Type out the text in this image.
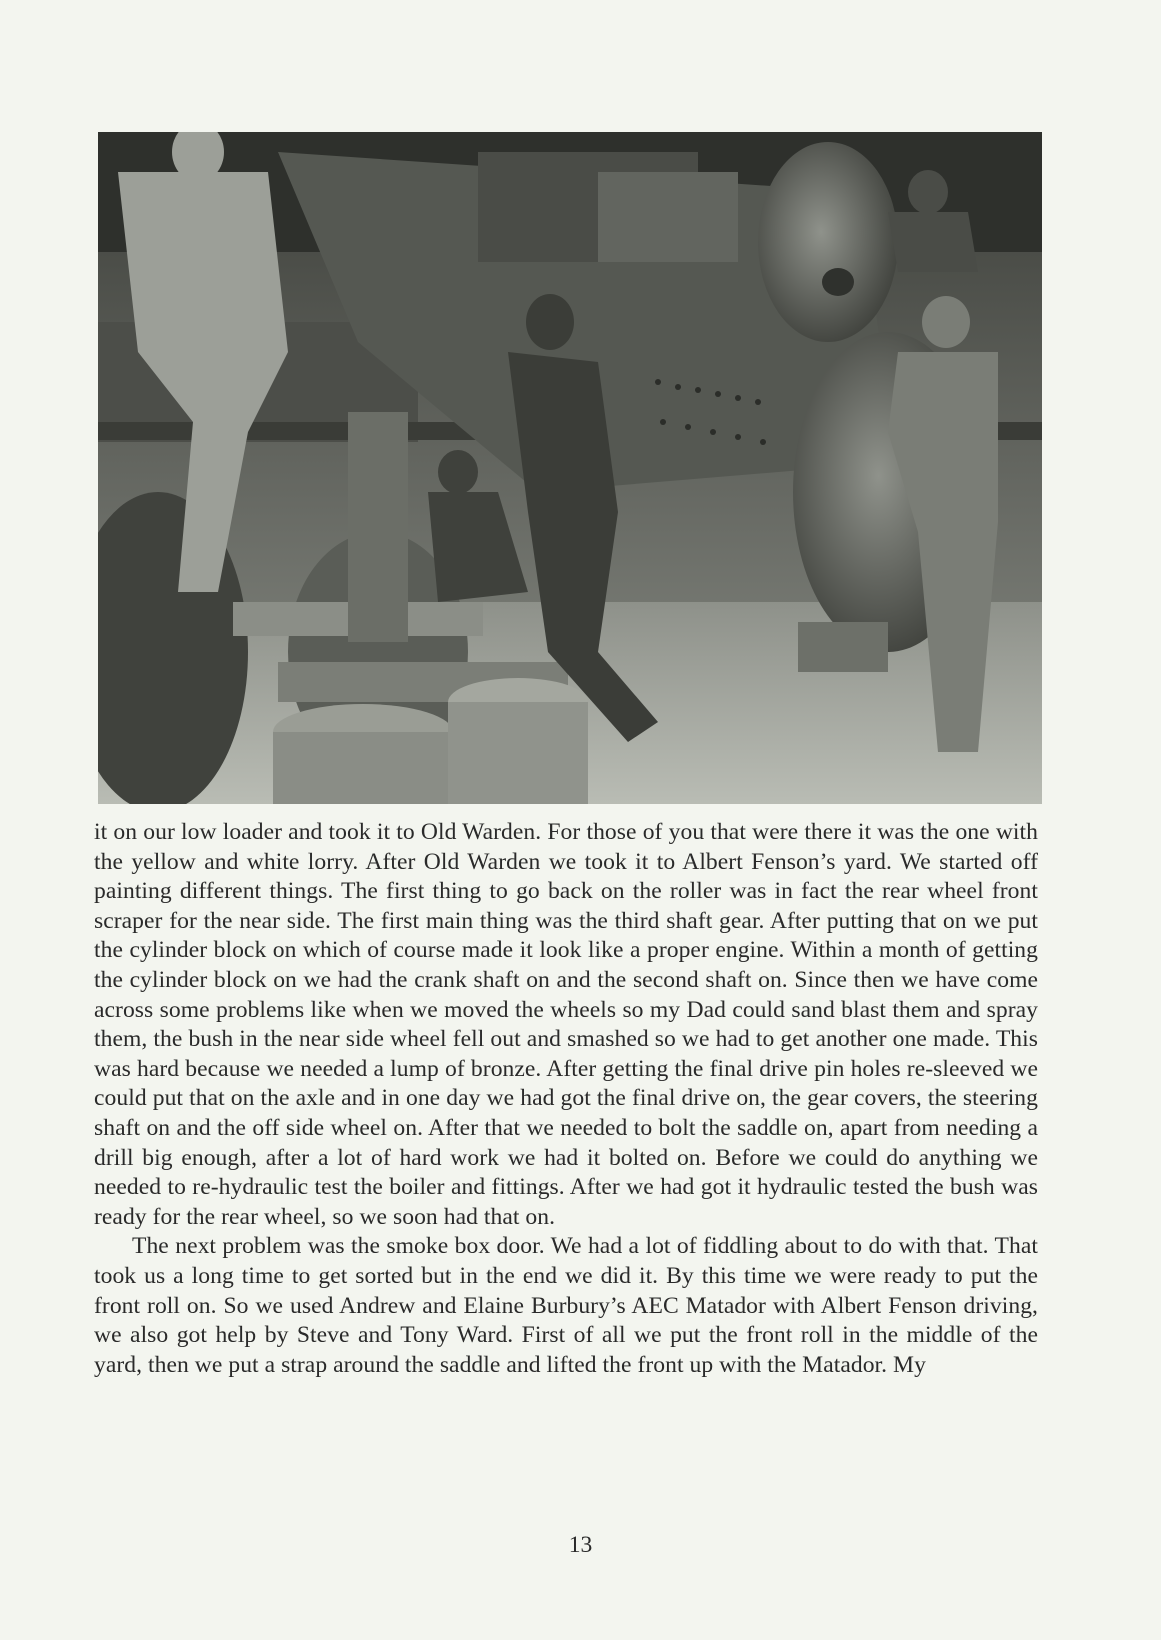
it on our low loader and took it to Old Warden. For those of you that were there it was the one with the yellow and white lorry. After Old Warden we took it to Albert Fenson’s yard. We started off painting different things. The first thing to go back on the roller was in fact the rear wheel front scraper for the near side. The first main thing was the third shaft gear. After putting that on we put the cylinder block on which of course made it look like a proper engine. Within a month of getting the cylinder block on we had the crank shaft on and the second shaft on. Since then we have come across some problems like when we moved the wheels so my Dad could sand blast them and spray them, the bush in the near side wheel fell out and smashed so we had to get another one made. This was hard because we needed a lump of bronze. After getting the final drive pin holes re-sleeved we could put that on the axle and in one day we had got the final drive on, the gear covers, the steering shaft on and the off side wheel on. After that we needed to bolt the saddle on, apart from needing a drill big enough, after a lot of hard work we had it bolted on. Before we could do anything we needed to re-hydraulic test the boiler and fittings. After we had got it hydraulic tested the bush was ready for the rear wheel, so we soon had that on.

The next problem was the smoke box door. We had a lot of fiddling about to do with that. That took us a long time to get sorted but in the end we did it. By this time we were ready to put the front roll on. So we used Andrew and Elaine Burbury’s AEC Matador with Albert Fenson driving, we also got help by Steve and Tony Ward. First of all we put the front roll in the middle of the yard, then we put a strap around the saddle and lifted the front up with the Matador. My

13
